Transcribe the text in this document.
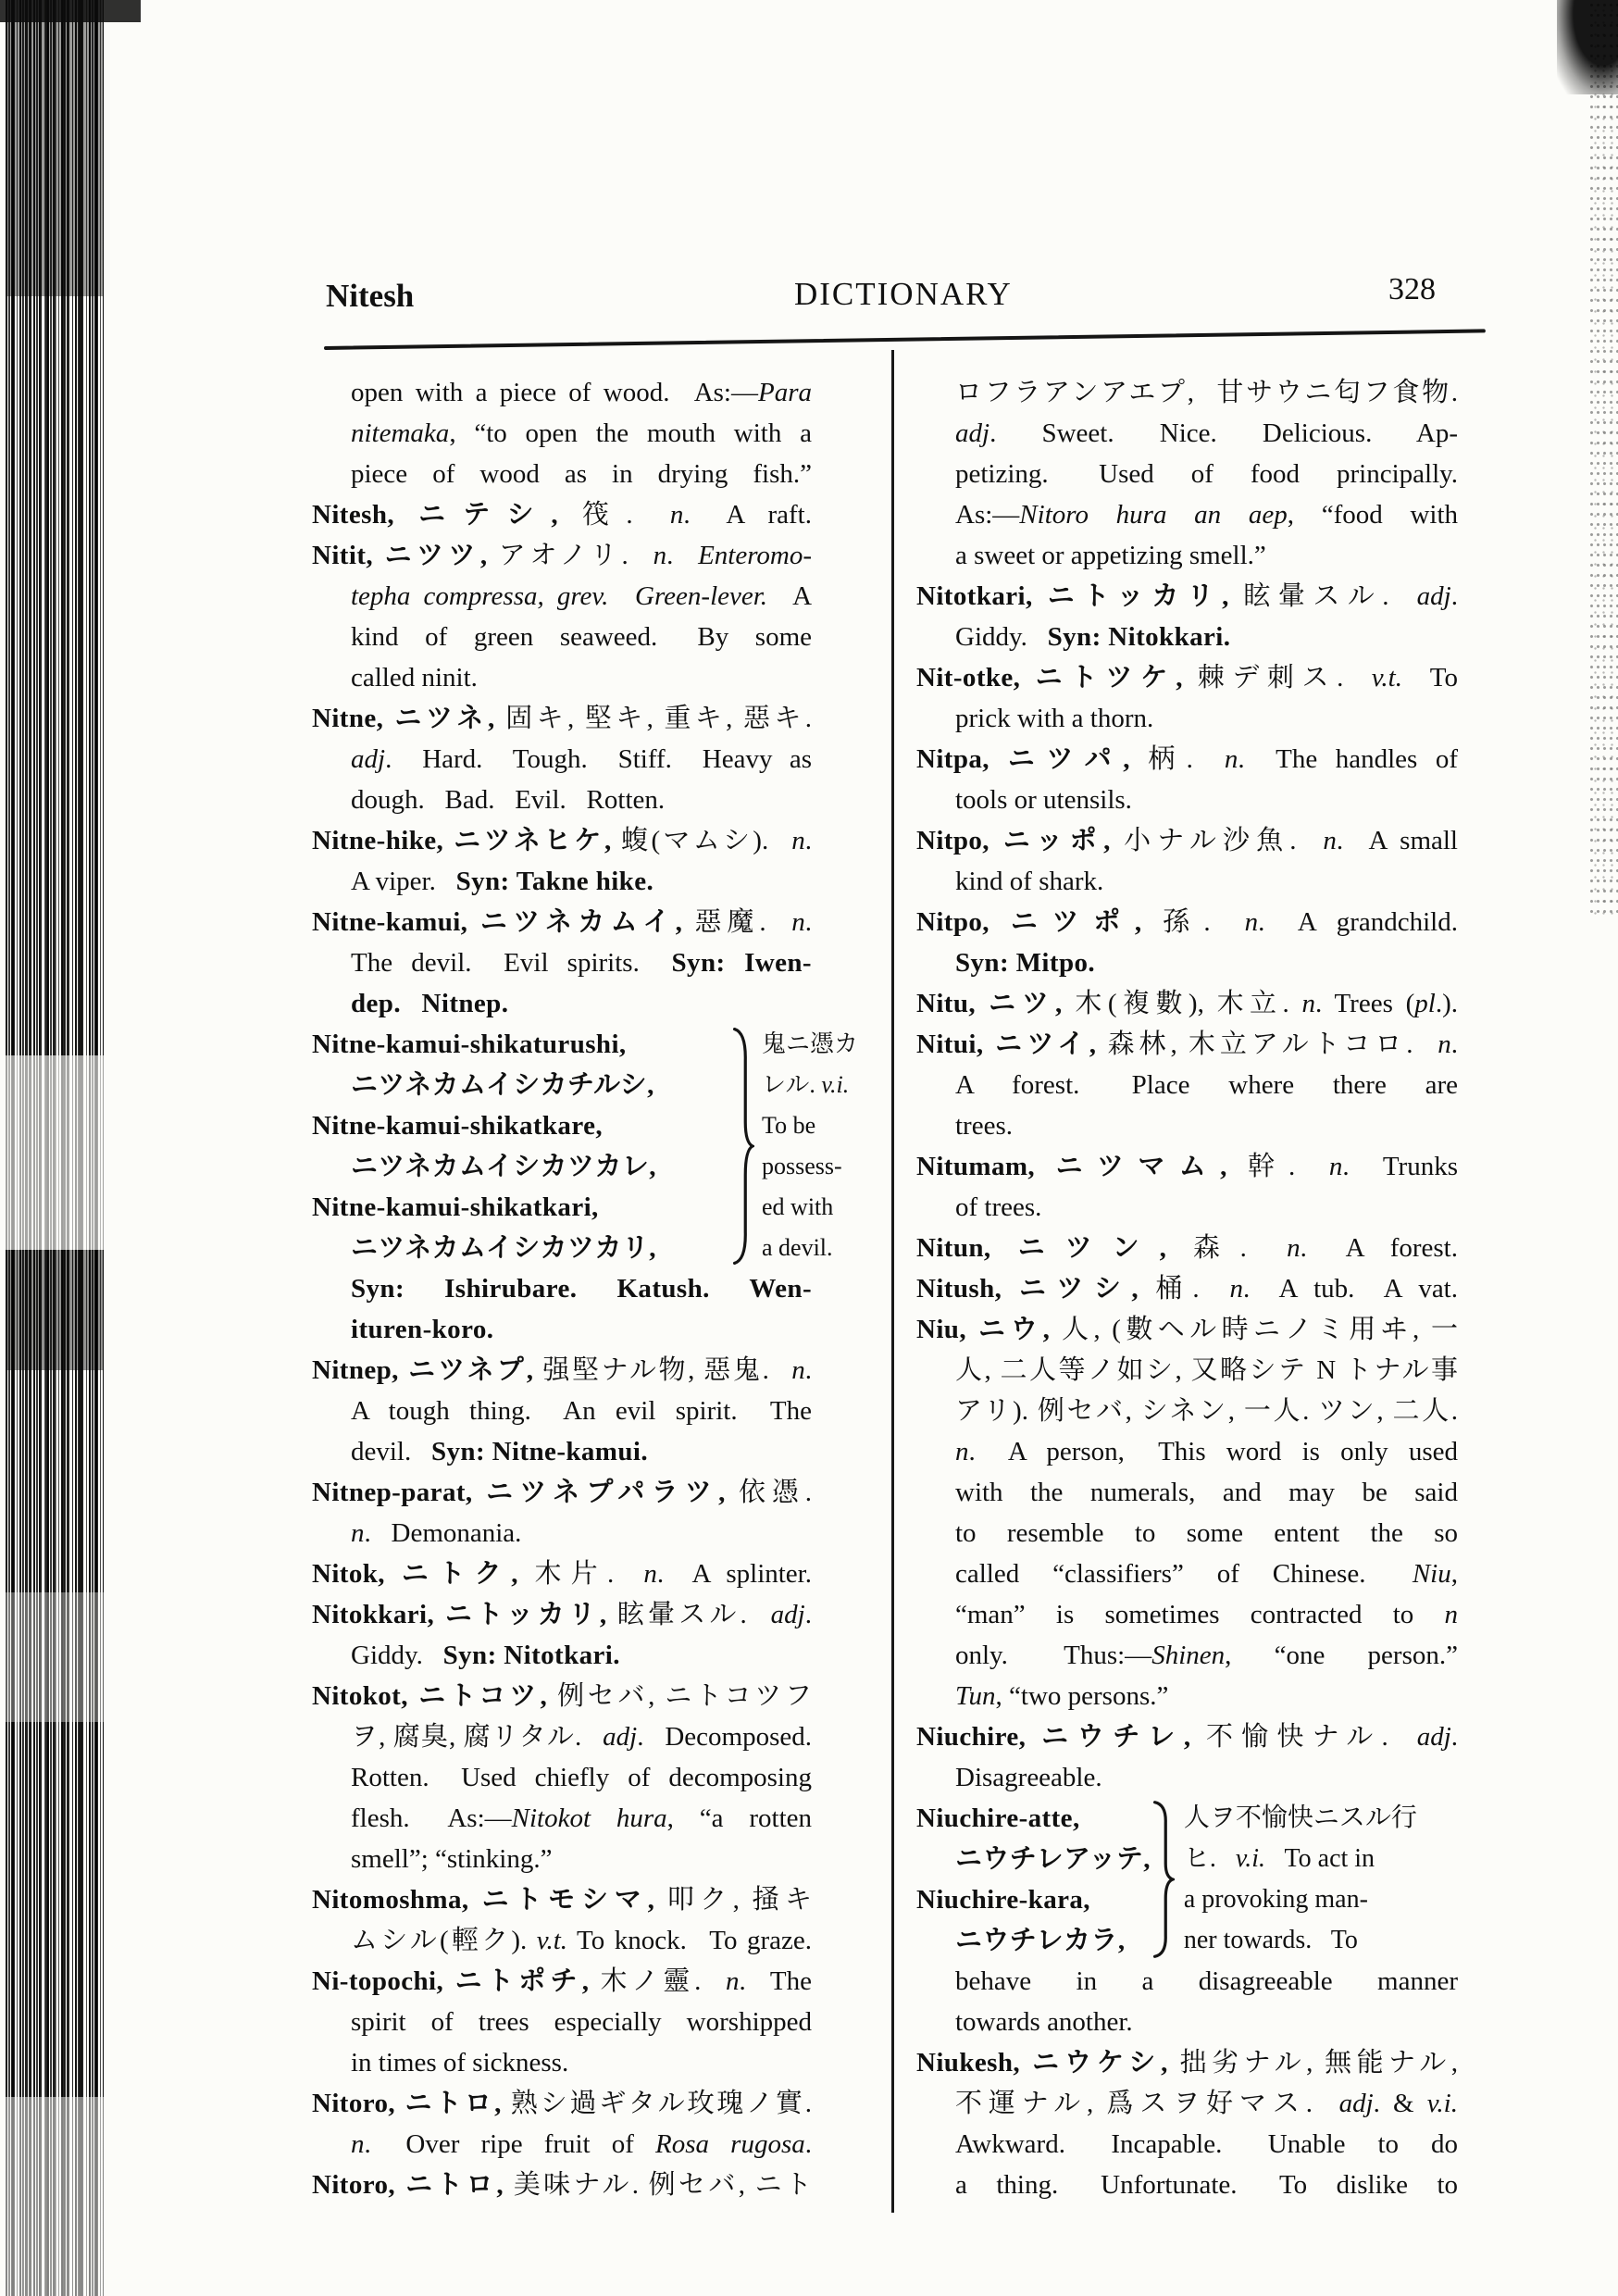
Nitesh	DICTIONARY	328
open with a piece of wood.  As:—Para
nitemaka, “to open the mouth with a
piece of wood as in drying fish.”
Nitesh, ニテシ, 筏.  n.  A raft.
Nitit, ニツツ, アオノリ.  n.  Enteromo-
tepha compressa, grev.  Green-lever.  A
kind of green seaweed.  By some
called ninit.
Nitne, ニツネ, 固キ, 堅キ, 重キ, 惡キ.
adj.  Hard.  Tough.  Stiff.  Heavy as
dough.  Bad.  Evil.  Rotten.
Nitne-hike, ニツネヒケ, 蝮(マムシ).  n.
A viper.  Syn: Takne hike.
Nitne-kamui, ニツネカムイ, 惡魔.  n.
The devil.  Evil spirits.  Syn: Iwen-
dep.  Nitnep.
Nitne-kamui-shikaturushi,
ニツネカムイシカチルシ,
Nitne-kamui-shikatkare,
ニツネカムイシカツカレ,
Nitne-kamui-shikatkari,
ニツネカムイシカツカリ,
鬼ニ憑カ
レル. v.i.
To be
possess-
ed with
a devil.
Syn:  Ishirubare.  Katush.  Wen-
ituren-koro.
Nitnep, ニツネプ, 强堅ナル物, 惡鬼.  n.
A tough thing.  An evil spirit.  The
devil.  Syn: Nitne-kamui.
Nitnep-parat, ニツネプパラツ, 依憑.
n.  Demonania.
Nitok, ニトク, 木片.  n.  A splinter.
Nitokkari, ニトッカリ, 眩暈スル.  adj.
Giddy.  Syn: Nitotkari.
Nitokot, ニトコツ, 例セバ, ニトコツフ
ヲ, 腐臭, 腐リタル.  adj.  Decomposed.
Rotten.  Used chiefly of decomposing
flesh.  As:—Nitokot hura, “a rotten
smell”; “stinking.”
Nitomoshma, ニトモシマ, 叩ク, 掻キ
ムシル(輕ク). v.t. To knock.  To graze.
Ni-topochi, ニトポチ, 木ノ靈.  n.  The
spirit of trees especially worshipped
in times of sickness.
Nitoro, ニトロ, 熟シ過ギタル玫瑰ノ實.
n.  Over ripe fruit of Rosa rugosa.
Nitoro, ニトロ, 美味ナル. 例セバ, ニト
ロフラアンアエプ,  甘サウニ匂フ食物.
adj.  Sweet.  Nice.  Delicious.  Ap-
petizing.  Used of food principally.
As:—Nitoro hura an aep, “food with
a sweet or appetizing smell.”
Nitotkari, ニトッカリ, 眩暈スル.  adj.
Giddy.  Syn: Nitokkari.
Nit-otke, ニトツケ, 棘デ刺ス.  v.t.  To
prick with a thorn.
Nitpa, ニツパ, 柄.  n.  The handles of
tools or utensils.
Nitpo, ニッポ, 小ナル沙魚.  n.  A small
kind of shark.
Nitpo, ニツポ, 孫.  n.  A grandchild.
Syn: Mitpo.
Nitu, ニツ, 木(複數), 木立. n. Trees (pl.).
Nitui, ニツイ, 森林, 木立アルトコロ.  n.
A forest.  Place where there are
trees.
Nitumam, ニツマム, 幹.  n.  Trunks
of trees.
Nitun, ニツン, 森.  n.  A forest.
Nitush, ニツシ, 桶.  n.  A tub.  A vat.
Niu, ニウ, 人, (數ヘル時ニノミ用ヰ, 一
人, 二人等ノ如シ, 又略シテ N トナル事
アリ). 例セバ, シネン, 一人. ツン, 二人.
n.  A person,  This word is only used
with the numerals, and may be said
to resemble to some entent the so
called “classifiers” of Chinese.  Niu,
“man” is sometimes contracted to n
only.  Thus:—Shinen, “one person.”
Tun, “two persons.”
Niuchire, ニウチレ, 不愉快ナル.  adj.
Disagreeable.
Niuchire-atte,
ニウチレアッテ,
Niuchire-kara,
ニウチレカラ,
人ヲ不愉快ニスル行
ヒ.  v.i.  To act in
a provoking man-
ner towards.  To
behave in a disagreeable manner
towards another.
Niukesh, ニウケシ, 拙劣ナル, 無能ナル,
不運ナル, 爲スヲ好マス.  adj. & v.i.
Awkward.  Incapable.  Unable to do
a thing.  Unfortunate.  To dislike to
